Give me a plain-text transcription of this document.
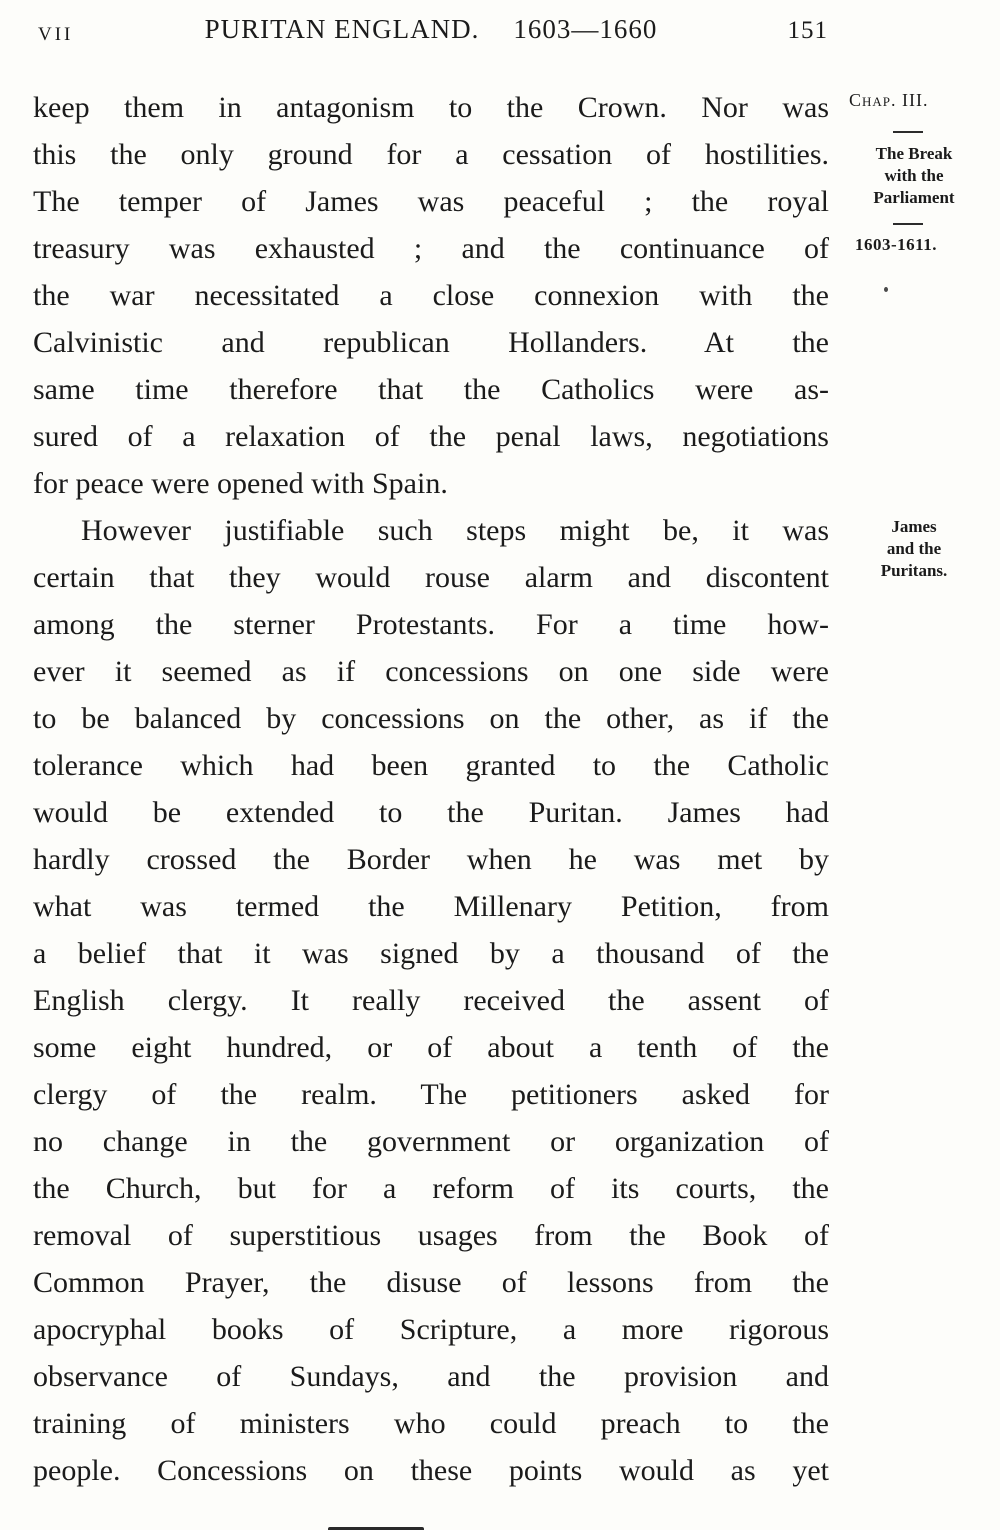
VII	PURITAN ENGLAND. 1603—1660	151
keep them in antagonism to the Crown. Nor was
this the only ground for a cessation of hostilities.
The temper of James was peaceful ; the royal
treasury was exhausted ; and the continuance of
the war necessitated a close connexion with the
Calvinistic and republican Hollanders. At the
same time therefore that the Catholics were as-
sured of a relaxation of the penal laws, negotiations
for peace were opened with Spain.
However justifiable such steps might be, it was
certain that they would rouse alarm and discontent
among the sterner Protestants. For a time how-
ever it seemed as if concessions on one side were
to be balanced by concessions on the other, as if the
tolerance which had been granted to the Catholic
would be extended to the Puritan. James had
hardly crossed the Border when he was met by
what was termed the Millenary Petition, from
a belief that it was signed by a thousand of the
English clergy. It really received the assent of
some eight hundred, or of about a tenth of the
clergy of the realm. The petitioners asked for
no change in the government or organization of
the Church, but for a reform of its courts, the
removal of superstitious usages from the Book of
Common Prayer, the disuse of lessons from the
apocryphal books of Scripture, a more rigorous
observance of Sundays, and the provision and
training of ministers who could preach to the
people. Concessions on these points would as yet
Chap. III.
The Break
with the
Parliament
1603-1611.
James
and the
Puritans.
